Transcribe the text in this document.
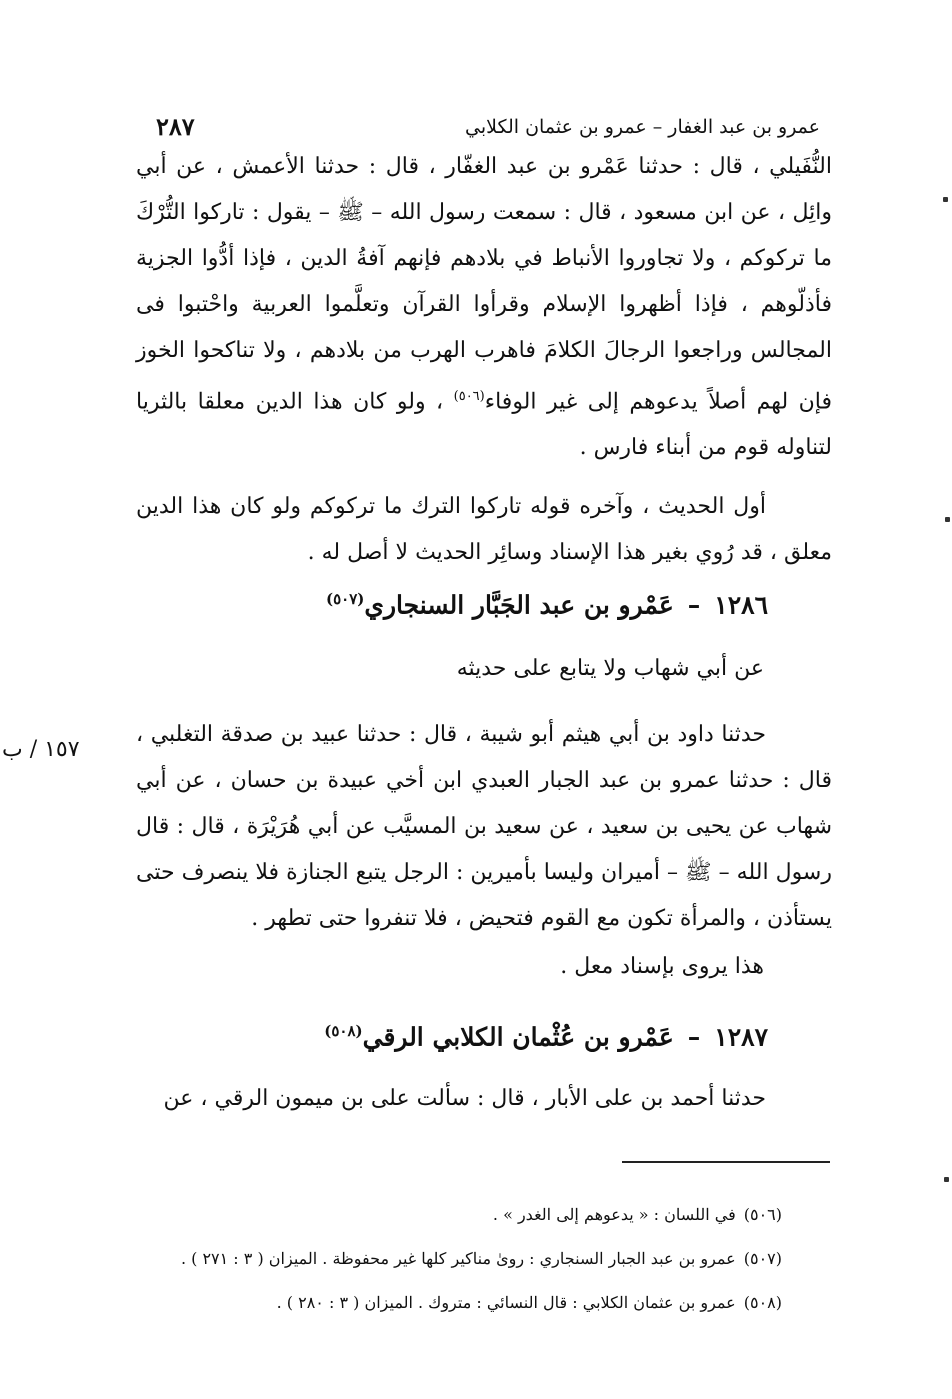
٢٨٧	عمرو بن عبد الغفار – عمرو بن عثمان الكلابي
النُّفَيلي ، قال : حدثنا عَمْرو بن عبد الغفّار ، قال : حدثنا الأعمش ، عن أبي وائِل ، عن ابن مسعود ، قال : سمعت رسول الله – ﷺ – يقول : تاركوا التُّرْكَ ما تركوكم ، ولا تجاوروا الأنباط في بلادهم فإنهم آفةُ الدين ، فإذا أدُّوا الجزية فأذلّوهم ، فإذا أظهروا الإسلام وقرأوا القرآن وتعلَّموا العربية واحْتبوا فى المجالس وراجعوا الرجالَ الكلامَ فاهرب الهرب من بلادهم ، ولا تناكحوا الخوز فإن لهم أصلاً يدعوهم إلى غير الوفاء$^{(٥٠٦)}$ ، ولو كان هذا الدين معلقا بالثريا لتناوله قوم من أبناء فارس .
أول الحديث ، وآخره قوله تاركوا الترك ما تركوكم ولو كان هذا الدين معلق ، قد رُوي بغير هذا الإسناد وسائِر الحديث لا أصل له .
١٢٨٦–عَمْرو بن عبد الجَبَّار السنجاري$^{(٥٠٧)}$
عن أبي شهاب ولا يتابع على حديثه
حدثنا داود بن أبي هيثم أبو شيبة ، قال : حدثنا عبيد بن صدقة التغلبي ، قال : حدثنا عمرو بن عبد الجبار العبدي ابن أخي عبيدة بن حسان ، عن أبي شهاب عن يحيى بن سعيد ، عن سعيد بن المسيَّب عن أبي هُرَيْرَة ، قال : قال رسول الله – ﷺ – أميران وليسا بأميرين : الرجل يتبع الجنازة فلا ينصرف حتى يستأذن ، والمرأة تكون مع القوم فتحيض ، فلا تنفروا حتى تطهر .
١٥٧ / ب
هذا يروى بإسناد معل .
١٢٨٧–عَمْرو بن عُثْمان الكلابي الرقي$^{(٥٠٨)}$
حدثنا أحمد بن على الأبار ، قال : سألت على بن ميمون الرقي ، عن
(٥٠٦)في اللسان : « يدعوهم إلى الغدر » .
(٥٠٧)عمرو بن عبد الجبار السنجاري : روىٰ مناكير كلها غير محفوظة . الميزان ( ٣ : ٢٧١ ) .
(٥٠٨)عمرو بن عثمان الكلابي : قال النسائي : متروك . الميزان ( ٣ : ٢٨٠ ) .
